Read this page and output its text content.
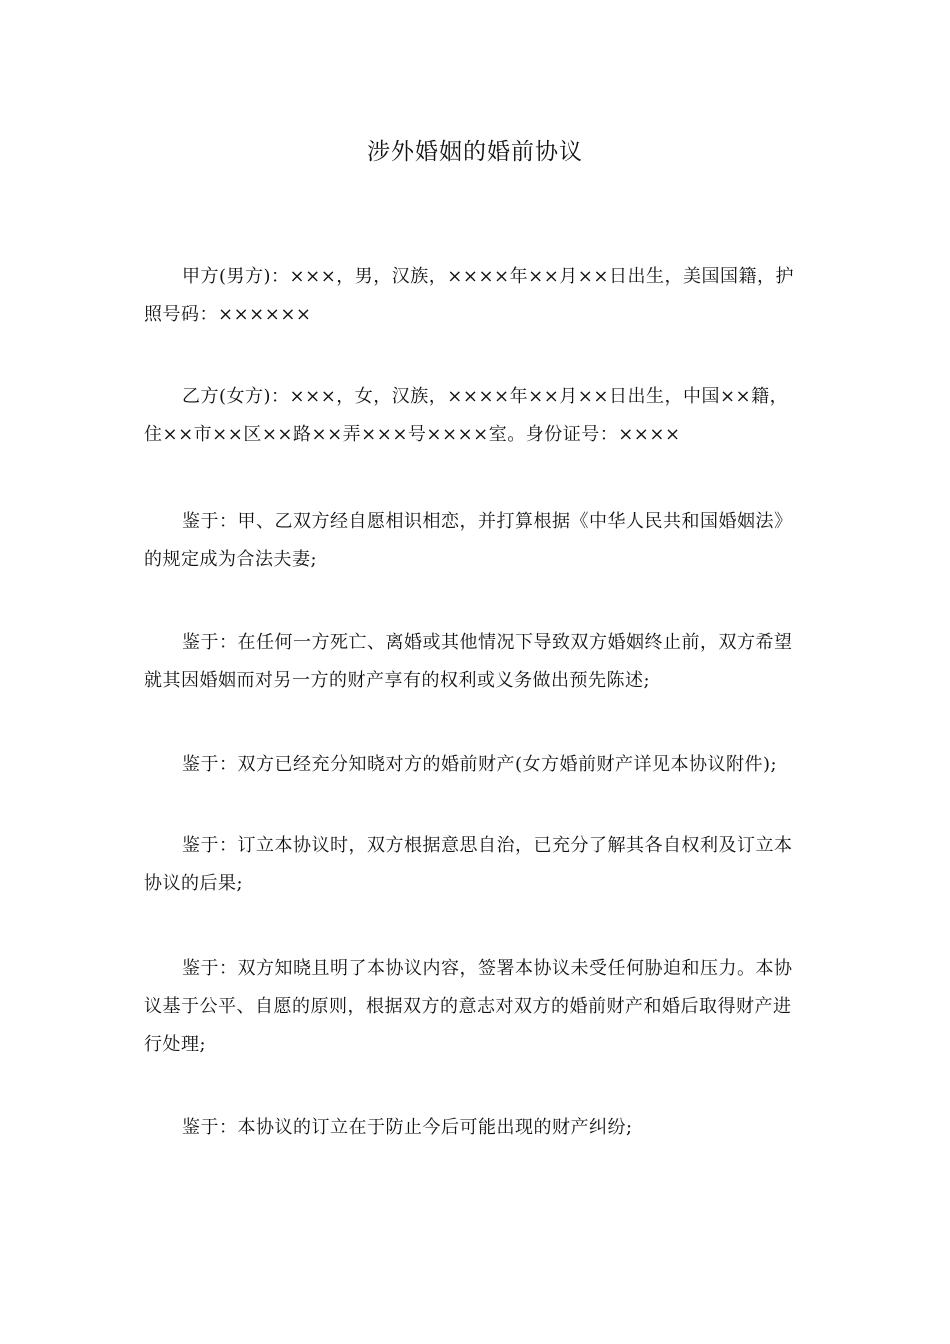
涉外婚姻的婚前协议

甲方(男方)：×××，男，汉族，××××年××月××日出生，美国国籍，护照号码：××××××

乙方(女方)：×××，女，汉族，××××年××月××日出生，中国××籍，住××市××区××路××弄×××号××××室。身份证号：××××

鉴于：甲、乙双方经自愿相识相恋，并打算根据《中华人民共和国婚姻法》的规定成为合法夫妻;

鉴于：在任何一方死亡、离婚或其他情况下导致双方婚姻终止前，双方希望就其因婚姻而对另一方的财产享有的权利或义务做出预先陈述;

鉴于：双方已经充分知晓对方的婚前财产(女方婚前财产详见本协议附件);

鉴于：订立本协议时，双方根据意思自治，已充分了解其各自权利及订立本协议的后果;

鉴于：双方知晓且明了本协议内容，签署本协议未受任何胁迫和压力。本协议基于公平、自愿的原则，根据双方的意志对双方的婚前财产和婚后取得财产进行处理;

鉴于：本协议的订立在于防止今后可能出现的财产纠纷;
